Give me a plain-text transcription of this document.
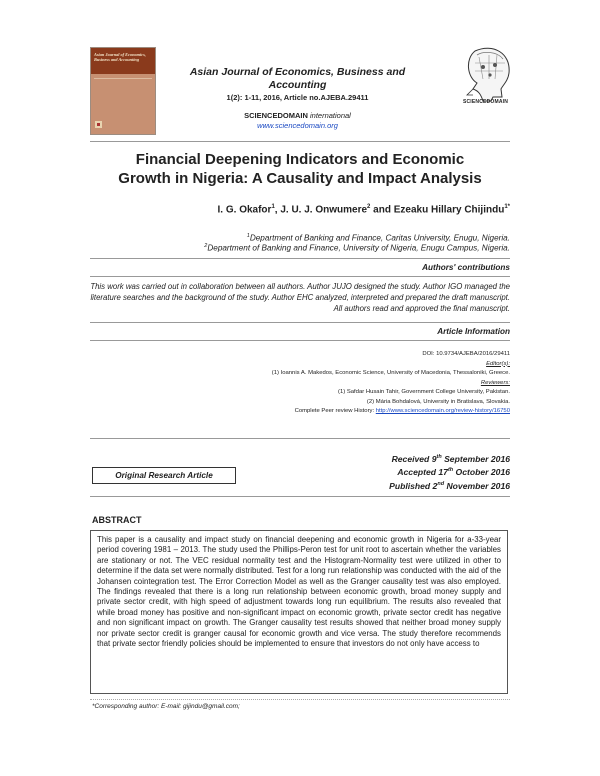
Asian Journal of Economics, Business and Accounting
Asian Journal of Economics, Business and Accounting
1(2): 1-11, 2016, Article no.AJEBA.29411
SCIENCEDOMAIN international
www.sciencedomain.org
SCIENCEDOMAIN
Financial Deepening Indicators and Economic
Growth in Nigeria: A Causality and Impact Analysis
I. G. Okafor$^1$, J. U. J. Onwumere$^2$ and Ezeaku Hillary Chijindu$^{1*}$
$^1$Department of Banking and Finance, Caritas University, Enugu, Nigeria.
$^2$Department of Banking and Finance, University of Nigeria, Enugu Campus, Nigeria.
Authors' contributions
This work was carried out in collaboration between all authors. Author JUJO designed the study. Author IGO managed the literature searches and the background of the study. Author EHC analyzed, interpreted and prepared the draft manuscript. All authors read and approved the final manuscript.
Article Information
DOI: 10.9734/AJEBA/2016/29411
Editor(s):
(1) Ioannis A. Makedos, Economic Science, University of Macedonia, Thessaloniki, Greece.
Reviewers:
(1) Safdar Husain Tahir, Government College University, Pakistan.
(2) Mária Bohdalová, University in Bratislava, Slovakia.
Complete Peer review History: http://www.sciencedomain.org/review-history/16750
Original Research Article
Received 9th September 2016
Accepted 17th October 2016
Published 2nd November 2016
ABSTRACT
This paper is a causality and impact study on financial deepening and economic growth in Nigeria for a-33-year period covering 1981 – 2013. The study used the Phillips-Peron test for unit root to ascertain whether the variables are stationary or not. The VEC residual normality test and the Histogram-Normality test were utilized in other to determine if the data set were normally distributed. Test for a long run relationship was conducted with the aid of the Johansen cointegration test. The Error Correction Model as well as the Granger causality test was also employed. The findings revealed that there is a long run relationship between economic growth, broad money supply and private sector credit, with high speed of adjustment towards long run equilibrium. The results also revealed that while broad money has positive and non-significant impact on economic growth, private sector credit has negative and non significant impact on growth. The Granger causality test results showed that neither broad money supply nor private sector credit is granger causal for economic growth and vice versa. The study therefore recommends that private sector friendly policies should be implemented to ensure that investors do not only have access to
*Corresponding author: E-mail: gijindu@gmail.com;
